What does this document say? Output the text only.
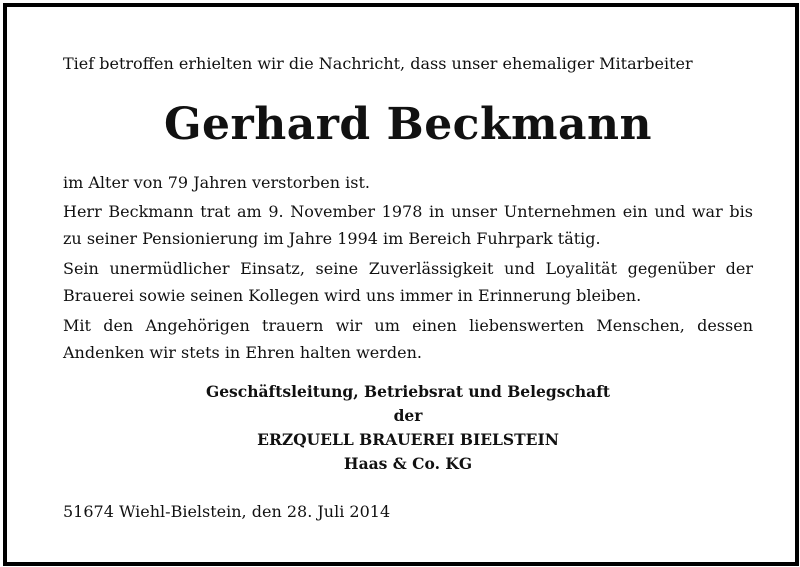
Tief betroffen erhielten wir die Nachricht, dass unser ehemaliger Mitarbeiter
Gerhard Beckmann
im Alter von 79 Jahren verstorben ist.
Herr Beckmann trat am 9. November 1978 in unser Unternehmen ein und war bis zu seiner Pensionierung im Jahre 1994 im Bereich Fuhrpark tätig.
Sein unermüdlicher Einsatz, seine Zuverlässigkeit und Loyalität gegenüber der Brauerei sowie seinen Kollegen wird uns immer in Erinnerung bleiben.
Mit den Angehörigen trauern wir um einen liebenswerten Menschen, dessen Andenken wir stets in Ehren halten werden.
Geschäftsleitung, Betriebsrat und Belegschaft
der
ERZQUELL BRAUEREI BIELSTEIN
Haas & Co. KG
51674 Wiehl-Bielstein, den 28. Juli 2014
